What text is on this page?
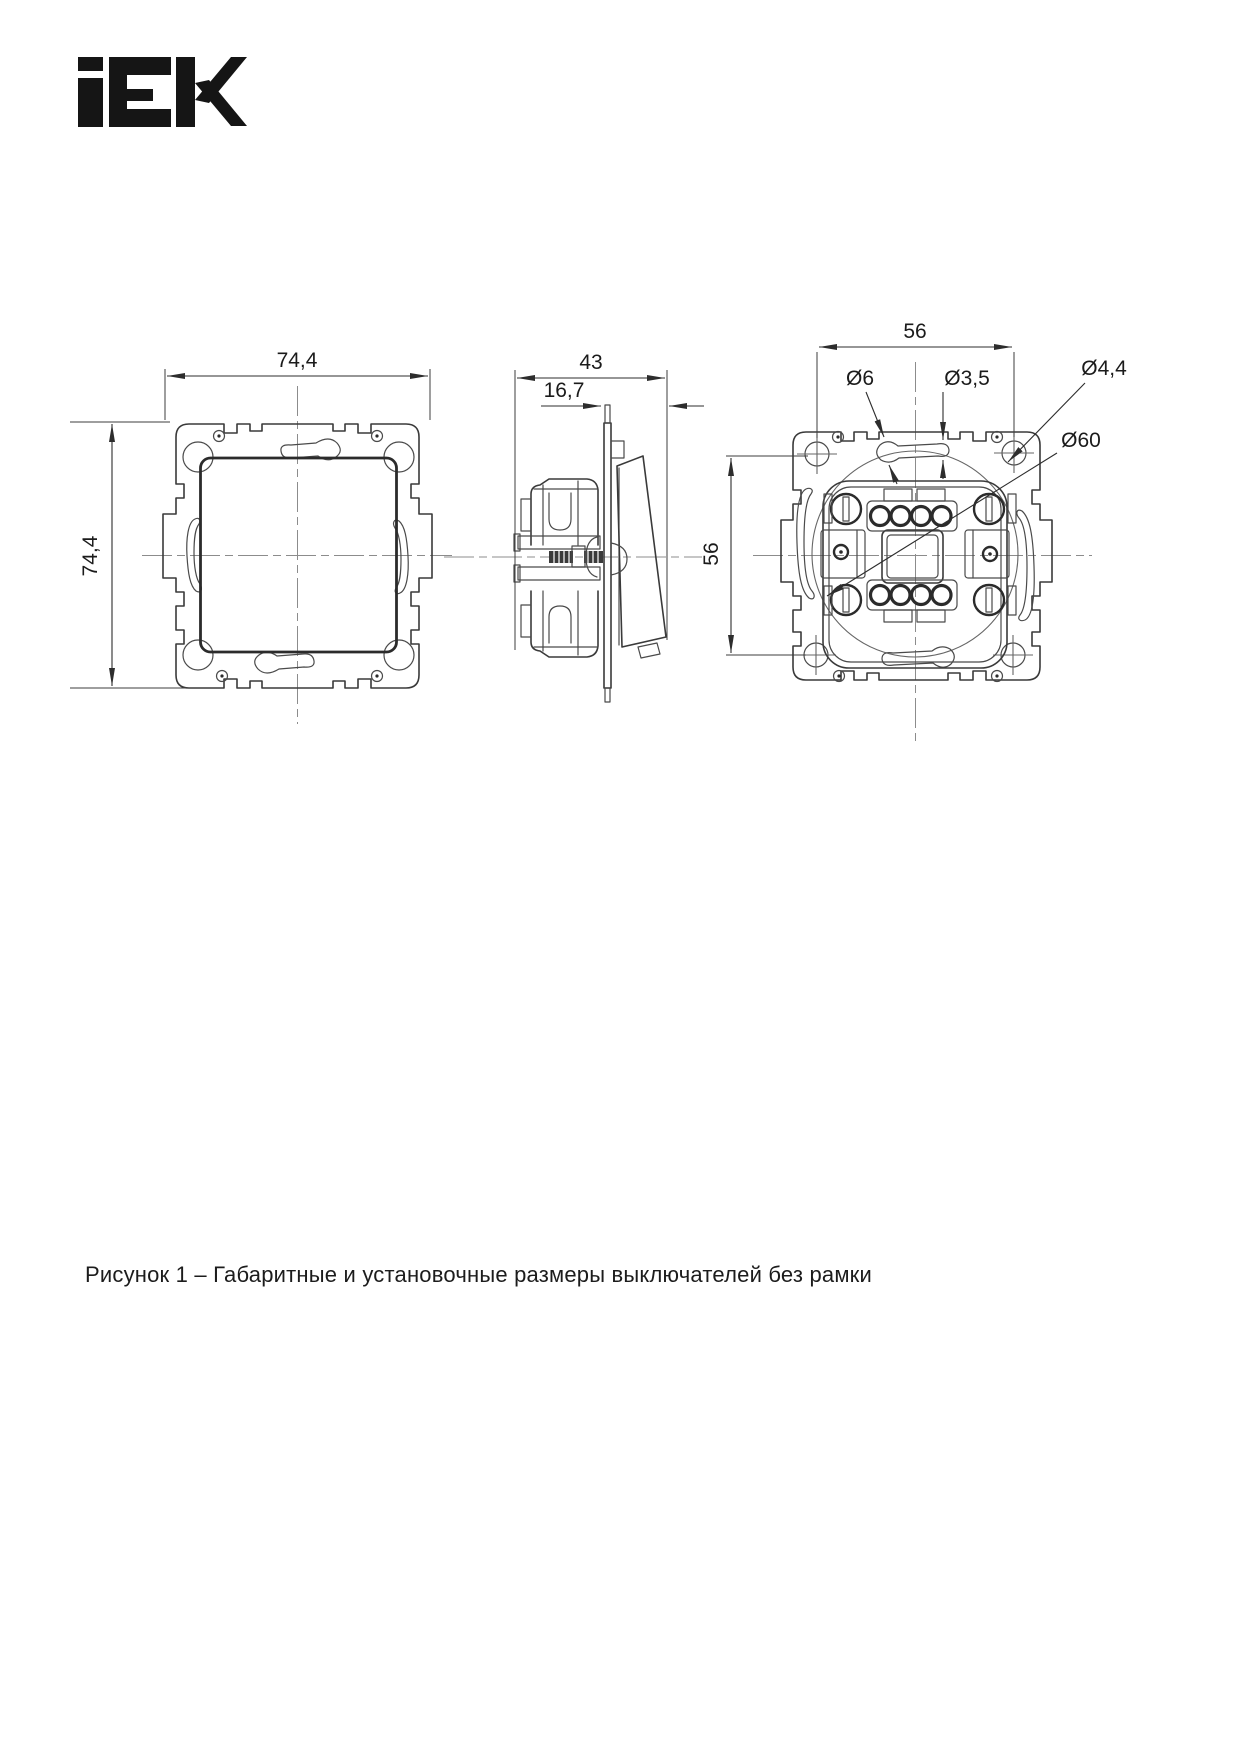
74,4
74,4
43
16,7
56
56
Ø6	Ø3,5	Ø4,4
Ø60
Рисунок 1 – Габаритные и установочные размеры выключателей без рамки
